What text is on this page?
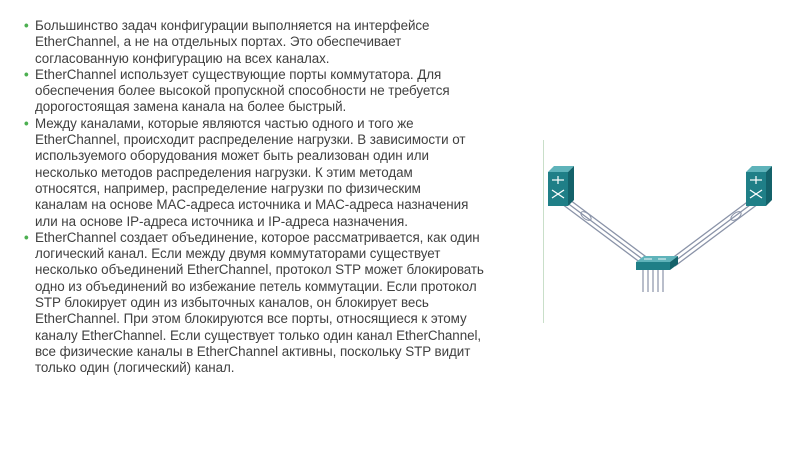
• Большинство задач конфигурации выполняется на интерфейсе

EtherChannel, а не на отдельных портах. Это обеспечивает

согласованную конфигурацию на всех каналах.

• EtherChannel использует существующие порты коммутатора. Для

обеспечения более высокой пропускной способности не требуется

дорогостоящая замена канала на более быстрый.

• Между каналами, которые являются частью одного и того же

EtherChannel, происходит распределение нагрузки. В зависимости от

используемого оборудования может быть реализован один или

несколько методов распределения нагрузки. К этим методам

относятся, например, распределение нагрузки по физическим

каналам на основе MAC-адреса источника и MAC-адреса назначения

или на основе IP-адреса источника и IP-адреса назначения.

• EtherChannel создает объединение, которое рассматривается, как один

логический канал. Если между двумя коммутаторами существует

несколько объединений EtherChannel, протокол STP может блокировать

одно из объединений во избежание петель коммутации. Если протокол

STP блокирует один из избыточных каналов, он блокирует весь

EtherChannel. При этом блокируются все порты, относящиеся к этому

каналу EtherChannel. Если существует только один канал EtherChannel,

все физические каналы в EtherChannel активны, поскольку STP видит

только один (логический) канал.
